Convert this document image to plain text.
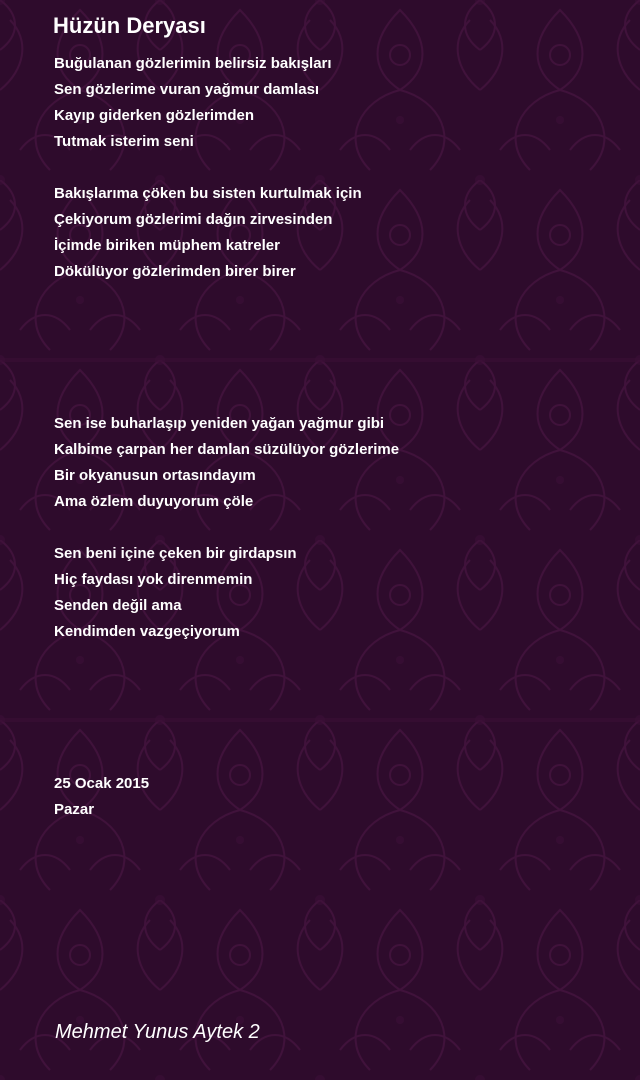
Hüzün Deryası
Buğulanan gözlerimin belirsiz bakışları
Sen gözlerime vuran yağmur damlası
Kayıp giderken gözlerimden
Tutmak isterim seni
Bakışlarıma çöken bu sisten kurtulmak için
Çekiyorum gözlerimi dağın zirvesinden
İçimde biriken müphem katreler
Dökülüyor gözlerimden birer birer
Sen ise buharlaşıp yeniden yağan yağmur gibi
Kalbime çarpan her damlan süzülüyor gözlerime
Bir okyanusun ortasındayım
Ama özlem duyuyorum çöle
Sen beni içine çeken bir girdapsın
Hiç faydası yok direnmemin
Senden değil ama
Kendimden vazgeçiyorum
25 Ocak 2015
Pazar
Mehmet Yunus Aytek 2
